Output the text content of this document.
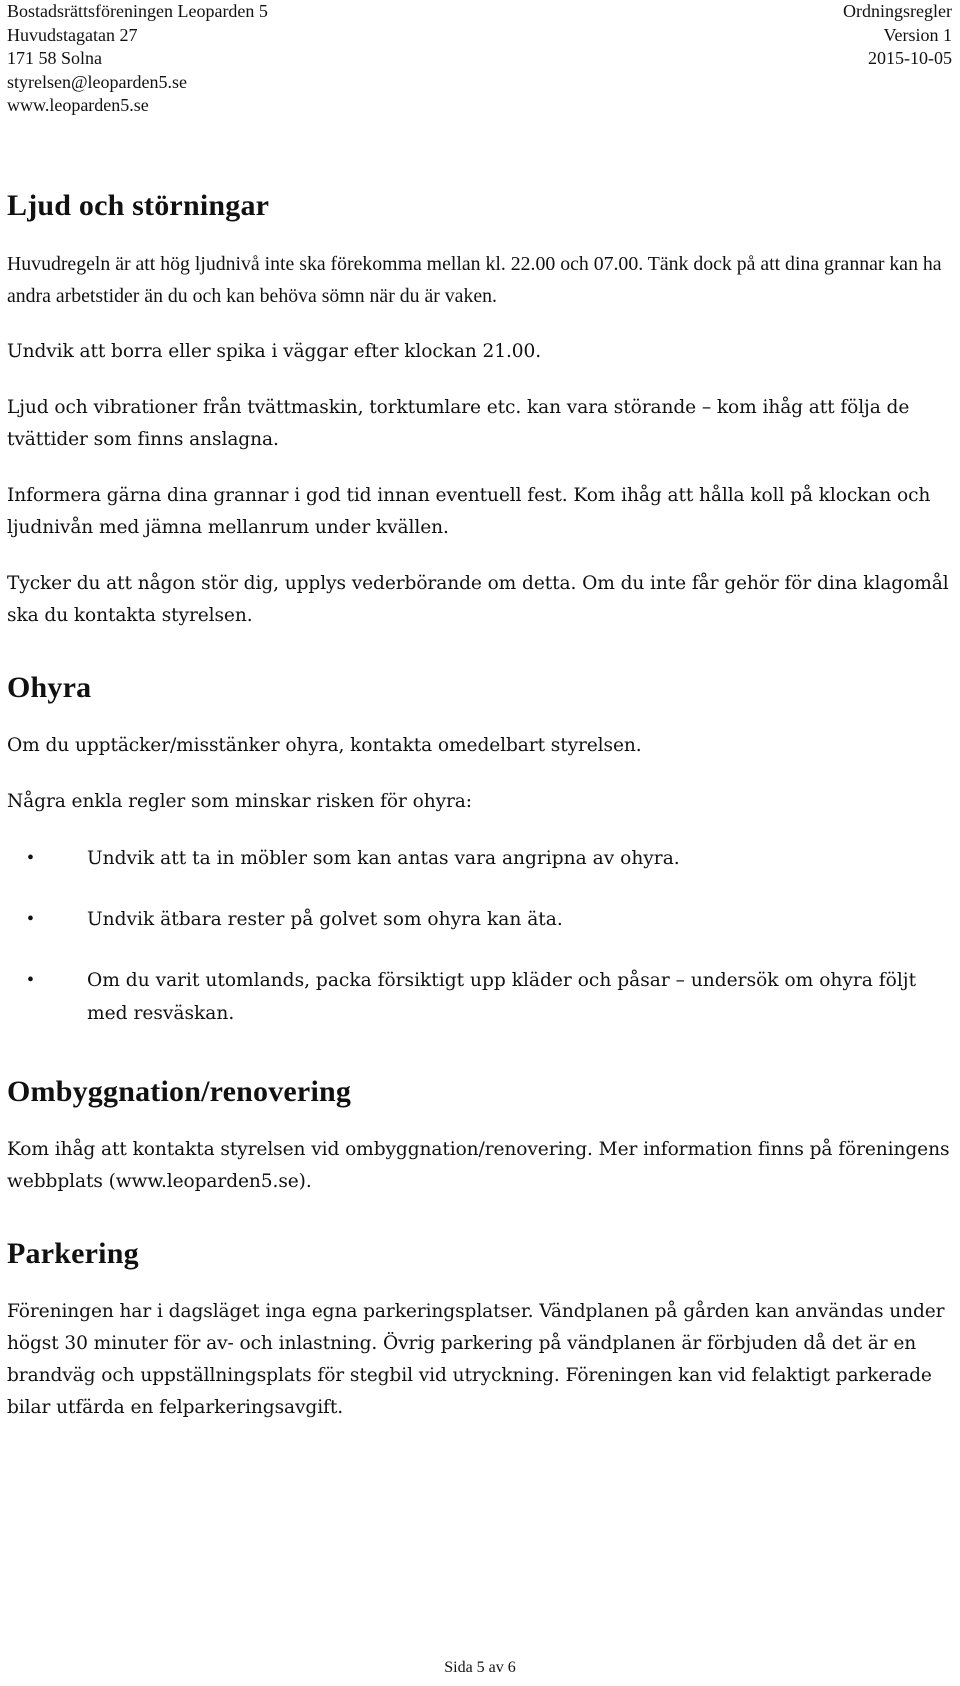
Bostadsrättsföreningen Leoparden 5
Huvudstagatan 27
171 58 Solna
styrelsen@leoparden5.se
www.leoparden5.se
Ordningsregler
Version 1
2015-10-05
Ljud och störningar

Huvudregeln är att hög ljudnivå inte ska förekomma mellan kl. 22.00 och 07.00. Tänk dock på att dina grannar kan ha andra arbetstider än du och kan behöva sömn när du är vaken.

Undvik att borra eller spika i väggar efter klockan 21.00.

Ljud och vibrationer från tvättmaskin, torktumlare etc. kan vara störande – kom ihåg att följa de tvättider som finns anslagna.

Informera gärna dina grannar i god tid innan eventuell fest. Kom ihåg att hålla koll på klockan och ljudnivån med jämna mellanrum under kvällen.

Tycker du att någon stör dig, upplys vederbörande om detta. Om du inte får gehör för dina klagomål ska du kontakta styrelsen.

Ohyra

Om du upptäcker/misstänker ohyra, kontakta omedelbart styrelsen.

Några enkla regler som minskar risken för ohyra:

•	Undvik att ta in möbler som kan antas vara angripna av ohyra.
•	Undvik ätbara rester på golvet som ohyra kan äta.
•	Om du varit utomlands, packa försiktigt upp kläder och påsar – undersök om ohyra följt med resväskan.
Ombyggnation/renovering

Kom ihåg att kontakta styrelsen vid ombyggnation/renovering. Mer information finns på föreningens webbplats (www.leoparden5.se).

Parkering

Föreningen har i dagsläget inga egna parkeringsplatser. Vändplanen på gården kan användas under högst 30 minuter för av- och inlastning. Övrig parkering på vändplanen är förbjuden då det är en brandväg och uppställningsplats för stegbil vid utryckning. Föreningen kan vid felaktigt parkerade bilar utfärda en felparkeringsavgift.

Sida 5 av 6
